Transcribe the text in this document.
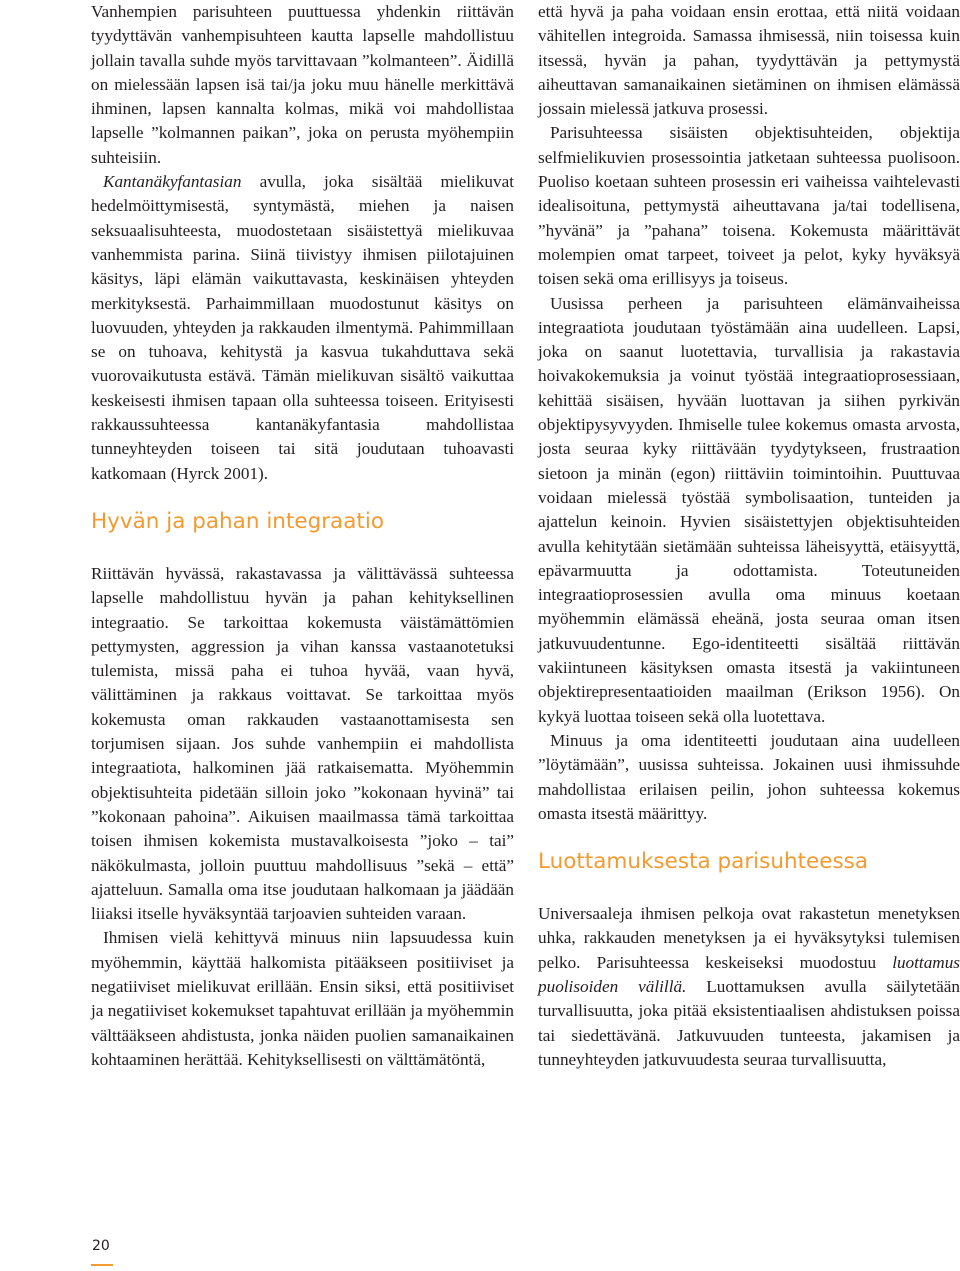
Vanhempien parisuhteen puuttuessa yhdenkin riittävän tyydyttävän vanhempisuhteen kautta lapselle mahdollistuu jollain tavalla suhde myös tarvittavaan ”kolmanteen”. Äidillä on mielessään lapsen isä tai/ja joku muu hänelle merkittävä ihminen, lapsen kannalta kolmas, mikä voi mahdollistaa lapselle ”kolmannen paikan”, joka on perusta myöhempiin suhteisiin.

Kantanäkyfantasian avulla, joka sisältää mielikuvat hedelmöittymisestä, syntymästä, miehen ja naisen seksuaalisuhteesta, muodostetaan sisäistettyä mielikuvaa vanhemmista parina. Siinä tiivistyy ihmisen piilotajuinen käsitys, läpi elämän vaikuttavasta, keskinäisen yhteyden merkityksestä. Parhaimmillaan muodostunut käsitys on luovuuden, yhteyden ja rakkauden ilmentymä. Pahimmillaan se on tuhoava, kehitystä ja kasvua tukahduttava sekä vuorovaikutusta estävä. Tämän mielikuvan sisältö vaikuttaa keskeisesti ihmisen tapaan olla suhteessa toiseen. Erityisesti rakkaussuhteessa kantanäkyfantasia mahdollistaa tunneyhteyden toiseen tai sitä joudutaan tuhoavasti katkomaan (Hyrck 2001).

Hyvän ja pahan integraatio

Riittävän hyvässä, rakastavassa ja välittävässä suhteessa lapselle mahdollistuu hyvän ja pahan kehityksellinen integraatio. Se tarkoittaa kokemusta väistämättömien pettymysten, aggression ja vihan kanssa vastaanotetuksi tulemista, missä paha ei tuhoa hyvää, vaan hyvä, välittäminen ja rakkaus voittavat. Se tarkoittaa myös kokemusta oman rakkauden vastaanottamisesta sen torjumisen sijaan. Jos suhde vanhempiin ei mahdollista integraatiota, halkominen jää ratkaisematta. Myöhemmin objektisuhteita pidetään silloin joko ”kokonaan hyvinä” tai ”kokonaan pahoina”. Aikuisen maailmassa tämä tarkoittaa toisen ihmisen kokemista mustavalkoisesta ”joko – tai” näkökulmasta, jolloin puuttuu mahdollisuus ”sekä – että” ajatteluun. Samalla oma itse joudutaan halkomaan ja jäädään liiaksi itselle hyväksyntää tarjoavien suhteiden varaan.

Ihmisen vielä kehittyvä minuus niin lapsuudessa kuin myöhemmin, käyttää halkomista pitääkseen positiiviset ja negatiiviset mielikuvat erillään. Ensin siksi, että positiiviset ja negatiiviset kokemukset tapahtuvat erillään ja myöhemmin välttääkseen ahdistusta, jonka näiden puolien samanaikainen kohtaaminen herättää. Kehityksellisesti on välttämätöntä,

että hyvä ja paha voidaan ensin erottaa, että niitä voidaan vähitellen integroida. Samassa ihmisessä, niin toisessa kuin itsessä, hyvän ja pahan, tyydyttävän ja pettymystä aiheuttavan samanaikainen sietäminen on ihmisen elämässä jossain mielessä jatkuva prosessi.

Parisuhteessa sisäisten objektisuhteiden, objektija selfmielikuvien prosessointia jatketaan suhteessa puolisoon. Puoliso koetaan suhteen prosessin eri vaiheissa vaihtelevasti idealisoituna, pettymystä aiheuttavana ja/tai todellisena, ”hyvänä” ja ”pahana” toisena. Kokemusta määrittävät molempien omat tarpeet, toiveet ja pelot, kyky hyväksyä toisen sekä oma erillisyys ja toiseus.

Uusissa perheen ja parisuhteen elämänvaiheissa integraatiota joudutaan työstämään aina uudelleen. Lapsi, joka on saanut luotettavia, turvallisia ja rakastavia hoivakokemuksia ja voinut työstää integraatioprosessiaan, kehittää sisäisen, hyvään luottavan ja siihen pyrkivän objektipysyvyyden. Ihmiselle tulee kokemus omasta arvosta, josta seuraa kyky riittävään tyydytykseen, frustraation sietoon ja minän (egon) riittäviin toimintoihin. Puuttuvaa voidaan mielessä työstää symbolisaation, tunteiden ja ajattelun keinoin. Hyvien sisäistettyjen objektisuhteiden avulla kehitytään sietämään suhteissa läheisyyttä, etäisyyttä, epävarmuutta ja odottamista. Toteutuneiden integraatioprosessien avulla oma minuus koetaan myöhemmin elämässä eheänä, josta seuraa oman itsen jatkuvuudentunne. Ego-identiteetti sisältää riittävän vakiintuneen käsityksen omasta itsestä ja vakiintuneen objektirepresentaatioiden maailman (Erikson 1956). On kykyä luottaa toiseen sekä olla luotettava.

Minuus ja oma identiteetti joudutaan aina uudelleen ”löytämään”, uusissa suhteissa. Jokainen uusi ihmissuhde mahdollistaa erilaisen peilin, johon suhteessa kokemus omasta itsestä määrittyy.

Luottamuksesta parisuhteessa

Universaaleja ihmisen pelkoja ovat rakastetun menetyksen uhka, rakkauden menetyksen ja ei hyväksytyksi tulemisen pelko. Parisuhteessa keskeiseksi muodostuu luottamus puolisoiden välillä. Luottamuksen avulla säilytetään turvallisuutta, joka pitää eksistentiaalisen ahdistuksen poissa tai siedettävänä. Jatkuvuuden tunteesta, jakamisen ja tunneyhteyden jatkuvuudesta seuraa turvallisuutta,

20
